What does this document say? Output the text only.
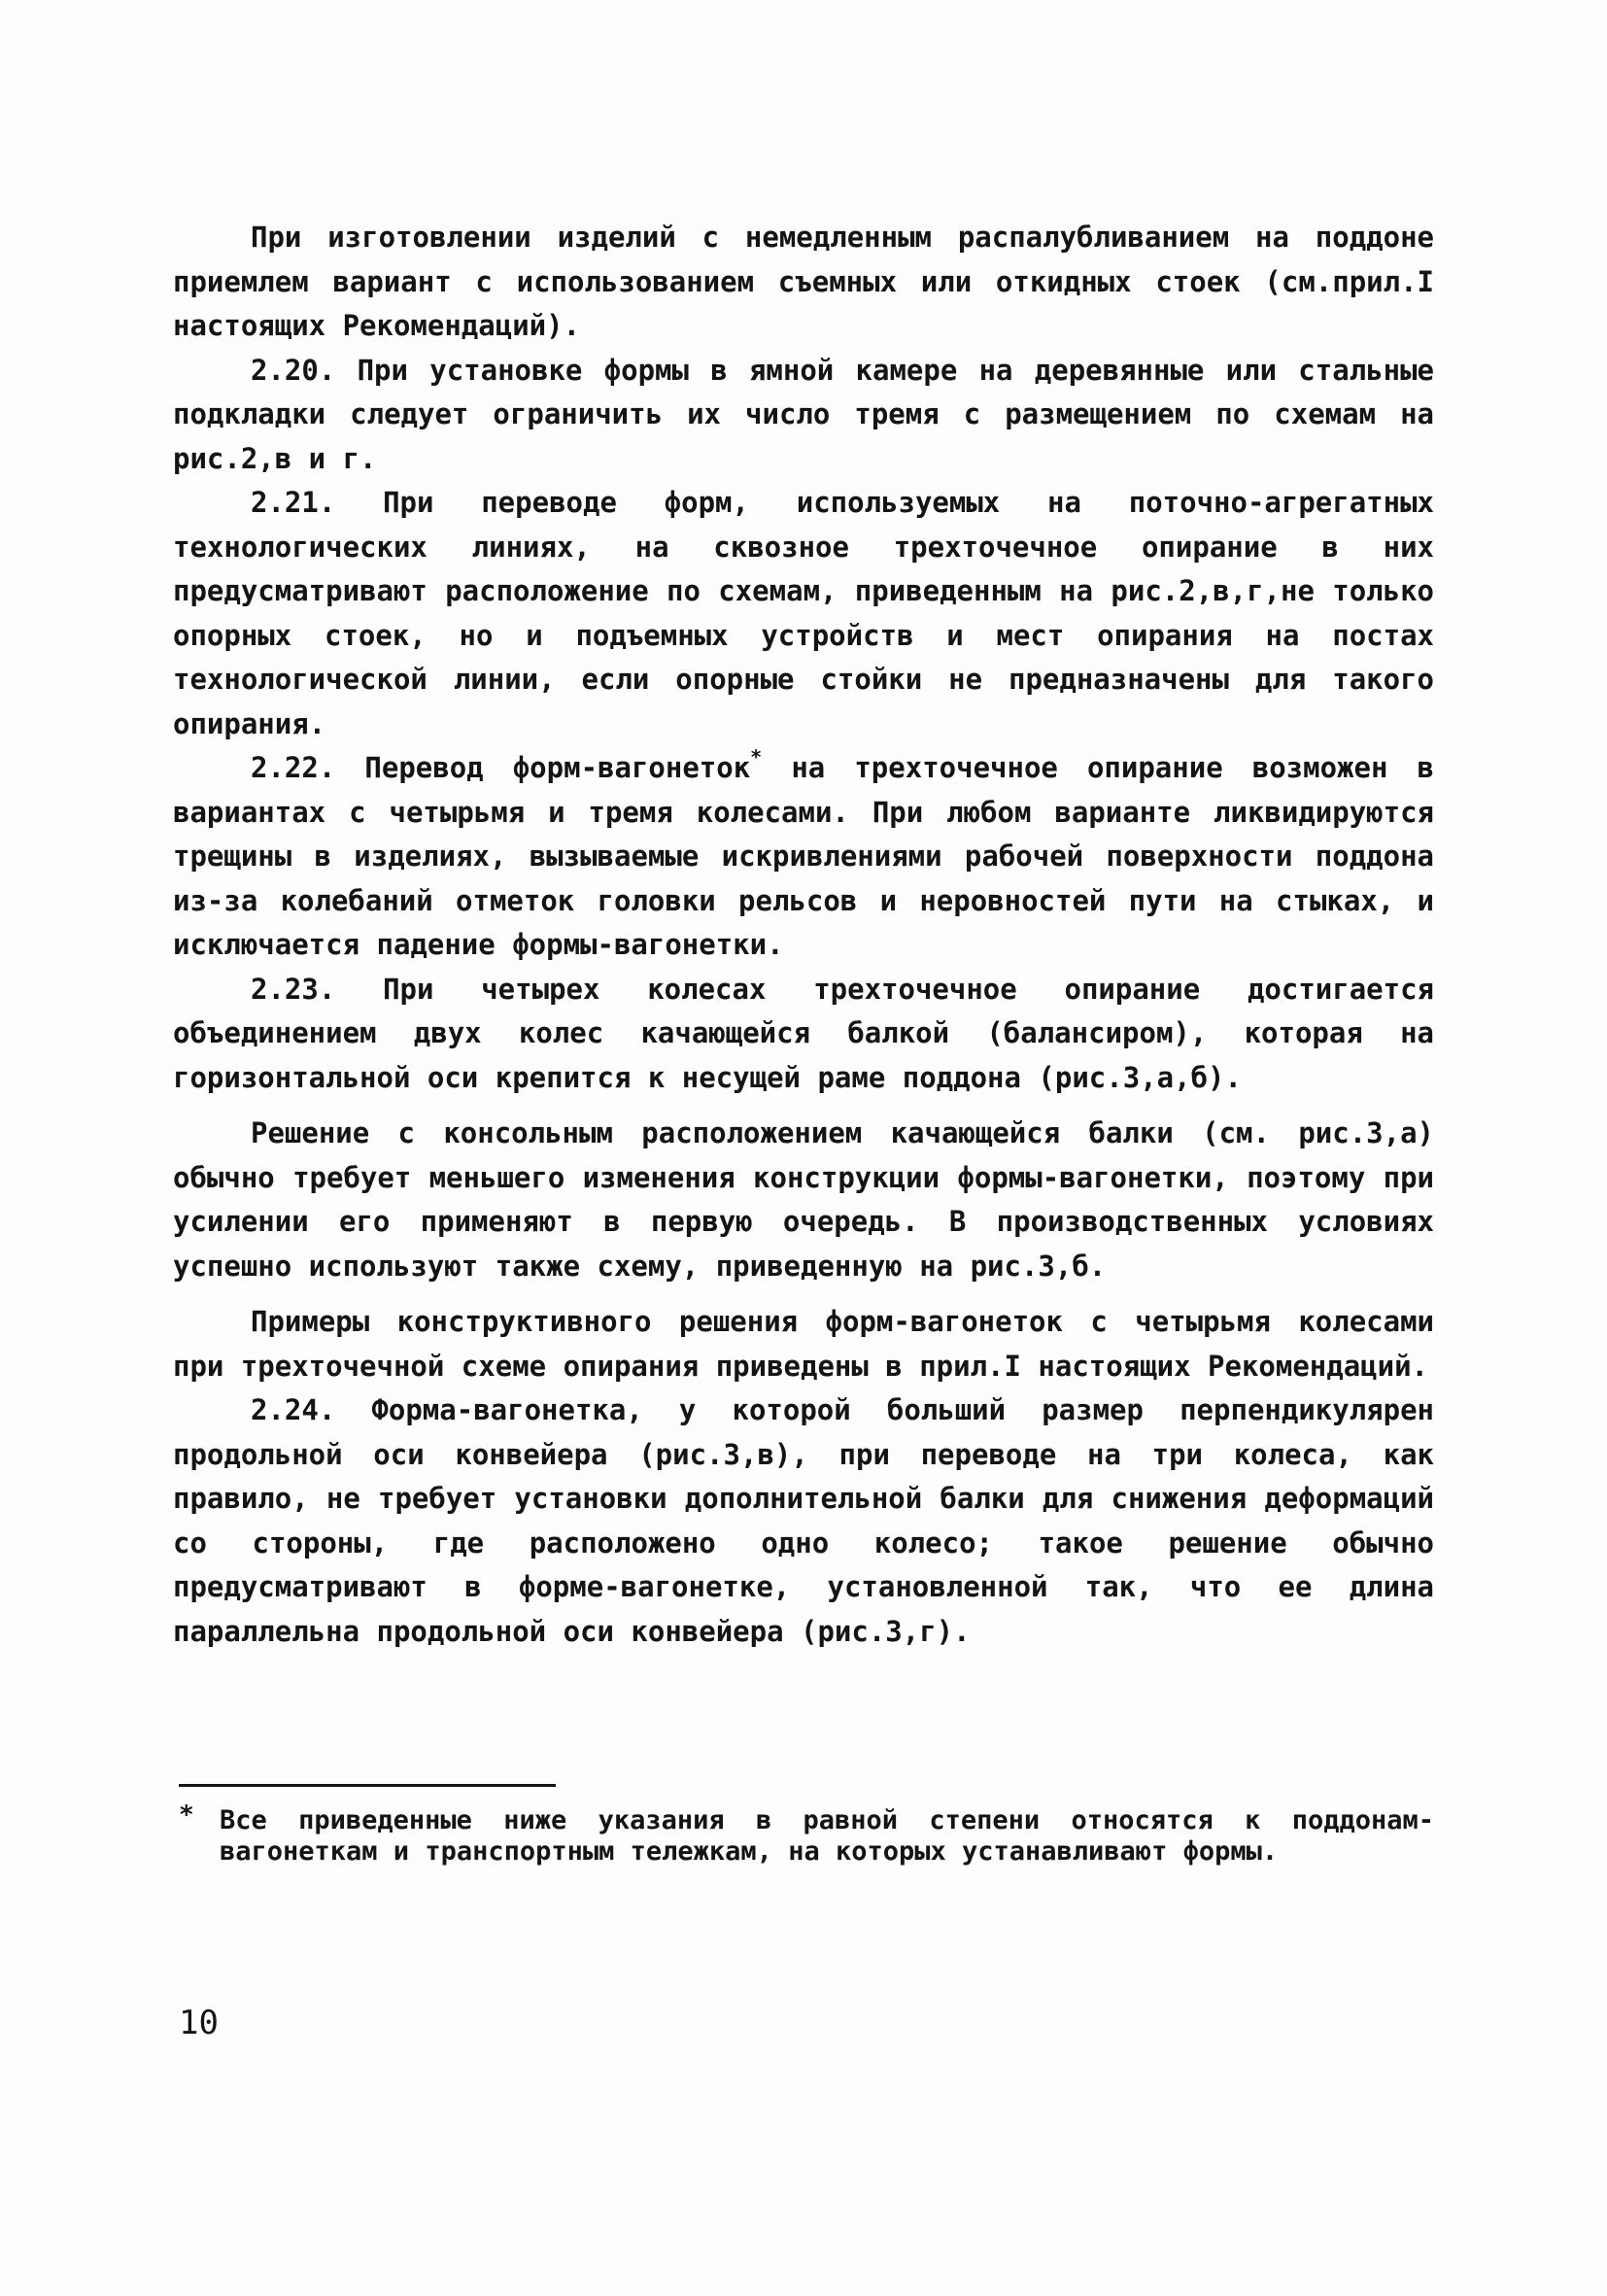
При изготовлении изделий с немедленным распалубливанием на поддоне приемлем вариант с использованием съемных или откидных стоек (см.прил.I настоящих Рекомендаций).

2.20. При установке формы в ямной камере на деревянные или стальные подкладки следует ограничить их число тремя с размещением по схемам на рис.2,в и г.

2.21. При переводе форм, используемых на поточно-агрегатных технологических линиях, на сквозное трехточечное опирание в них предусматривают расположение по схемам, приведенным на рис.2,в,г,не только опорных стоек, но и подъемных устройств и мест опирания на постах технологической линии, если опорные стойки не предназначены для такого опирания.

2.22. Перевод форм-вагонеток* на трехточечное опирание возможен в вариантах с четырьмя и тремя колесами. При любом варианте ликвидируются трещины в изделиях, вызываемые искривлениями рабочей поверхности поддона из-за колебаний отметок головки рельсов и неровностей пути на стыках, и исключается падение формы-вагонетки.

2.23. При четырех колесах трехточечное опирание достигается объединением двух колес качающейся балкой (балансиром), которая на горизонтальной оси крепится к несущей раме поддона (рис.3,а,б).

Решение с консольным расположением качающейся балки (см. рис.3,а) обычно требует меньшего изменения конструкции формы-вагонетки, поэтому при усилении его применяют в первую очередь. В производственных условиях успешно используют также схему, приведенную на рис.3,б.

Примеры конструктивного решения форм-вагонеток с четырьмя колесами при трехточечной схеме опирания приведены в прил.I настоящих Рекомендаций.

2.24. Форма-вагонетка, у которой больший размер перпендикулярен продольной оси конвейера (рис.3,в), при переводе на три колеса, как правило, не требует установки дополнительной балки для снижения деформаций со стороны, где расположено одно колесо; такое решение обычно предусматривают в форме-вагонетке, установленной так, что ее длина параллельна продольной оси конвейера (рис.3,г).

* Все приведенные ниже указания в равной степени относятся к поддонам-вагонеткам и транспортным тележкам, на которых устанавливают формы.

10
